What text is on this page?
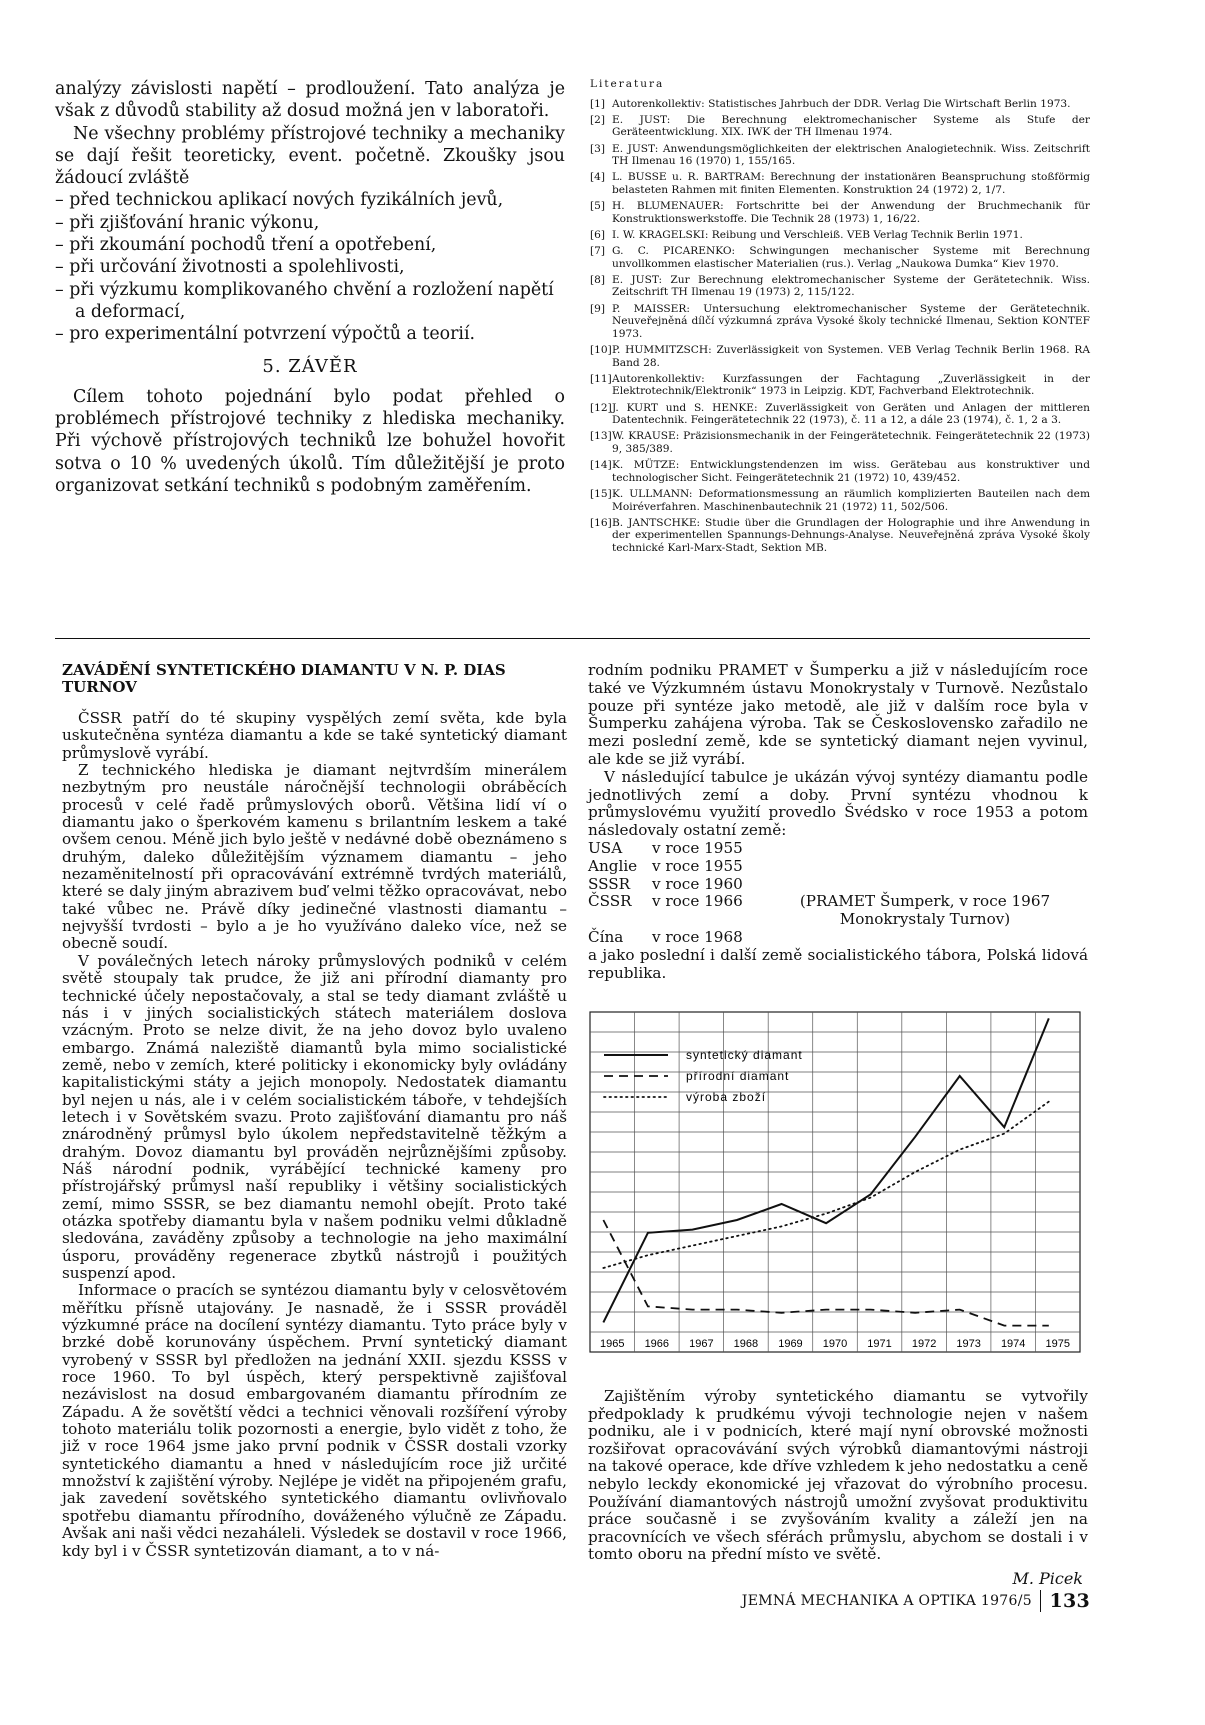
analýzy závislosti napětí – prodloužení. Tato analýza je však z důvodů stability až dosud možná jen v laboratoři.

Ne všechny problémy přístrojové techniky a mechaniky se dají řešit teoreticky, event. početně. Zkoušky jsou žádoucí zvláště

– před technickou aplikací nových fyzikálních jevů,
– při zjišťování hranic výkonu,
– při zkoumání pochodů tření a opotřebení,
– při určování životnosti a spolehlivosti,
– při výzkumu komplikovaného chvění a rozložení napětí a deformací,
– pro experimentální potvrzení výpočtů a teorií.
5. ZÁVĚR

Cílem tohoto pojednání bylo podat přehled o problémech přístrojové techniky z hlediska mechaniky. Při výchově přístrojových techniků lze bohužel hovořit sotva o 10 % uvedených úkolů. Tím důležitější je proto organizovat setkání techniků s podobným zaměřením.

Literatura
[1] Autorenkollektiv: Statistisches Jahrbuch der DDR. Verlag Die Wirtschaft Berlin 1973.
[2] E. JUST: Die Berechnung elektromechanischer Systeme als Stufe der Geräteentwicklung. XIX. IWK der TH Ilmenau 1974.
[3] E. JUST: Anwendungsmöglichkeiten der elektrischen Analogietechnik. Wiss. Zeitschrift TH Ilmenau 16 (1970) 1, 155/165.
[4] L. BUSSE u. R. BARTRAM: Berechnung der instationären Beanspruchung stoßförmig belasteten Rahmen mit finiten Elementen. Konstruktion 24 (1972) 2, 1/7.
[5] H. BLUMENAUER: Fortschritte bei der Anwendung der Bruchmechanik für Konstruktionswerkstoffe. Die Technik 28 (1973) 1, 16/22.
[6] I. W. KRAGELSKI: Reibung und Verschleiß. VEB Verlag Technik Berlin 1971.
[7] G. C. PICARENKO: Schwingungen mechanischer Systeme mit Berechnung unvollkommen elastischer Materialien (rus.). Verlag „Naukowa Dumka“ Kiev 1970.
[8] E. JUST: Zur Berechnung elektromechanischer Systeme der Gerätetechnik. Wiss. Zeitschrift TH Ilmenau 19 (1973) 2, 115/122.
[9] P. MAISSER: Untersuchung elektromechanischer Systeme der Gerätetechnik. Neuveřejněná dílčí výzkumná zpráva Vysoké školy technické Ilmenau, Sektion KONTEF 1973.
[10] P. HUMMITZSCH: Zuverlässigkeit von Systemen. VEB Verlag Technik Berlin 1968. RA Band 28.
[11] Autorenkollektiv: Kurzfassungen der Fachtagung „Zuverlässigkeit in der Elektrotechnik/Elektronik“ 1973 in Leipzig. KDT, Fachverband Elektrotechnik.
[12] J. KURT und S. HENKE: Zuverlässigkeit von Geräten und Anlagen der mittleren Datentechnik. Feingerätetechnik 22 (1973), č. 11 a 12, a dále 23 (1974), č. 1, 2 a 3.
[13] W. KRAUSE: Präzisionsmechanik in der Feingerätetechnik. Feingerätetechnik 22 (1973) 9, 385/389.
[14] K. MÜTZE: Entwicklungstendenzen im wiss. Gerätebau aus konstruktiver und technologischer Sicht. Feingerätetechnik 21 (1972) 10, 439/452.
[15] K. ULLMANN: Deformationsmessung an räumlich komplizierten Bauteilen nach dem Moiréverfahren. Maschinenbautechnik 21 (1972) 11, 502/506.
[16] B. JANTSCHKE: Studie über die Grundlagen der Holographie und ihre Anwendung in der experimentellen Spannungs-Dehnungs-Analyse. Neuveřejněná zpráva Vysoké školy technické Karl-Marx-Stadt, Sektion MB.
ZAVÁDĚNÍ SYNTETICKÉHO DIAMANTU V N. P. DIAS TURNOV

ČSSR patří do té skupiny vyspělých zemí světa, kde byla uskutečněna syntéza diamantu a kde se také syntetický diamant průmyslově vyrábí.

Z technického hlediska je diamant nejtvrdším minerálem nezbytným pro neustále náročnější technologii obráběcích procesů v celé řadě průmyslových oborů. Většina lidí ví o diamantu jako o šperkovém kamenu s brilantním leskem a také ovšem cenou. Méně jich bylo ještě v nedávné době obeznámeno s druhým, daleko důležitějším významem diamantu – jeho nezaměnitelností při opracovávání extrémně tvrdých materiálů, které se daly jiným abrazivem buď velmi těžko opracovávat, nebo také vůbec ne. Právě díky jedinečné vlastnosti diamantu – nejvyšší tvrdosti – bylo a je ho využíváno daleko více, než se obecně soudí.

V poválečných letech nároky průmyslových podniků v celém světě stoupaly tak prudce, že již ani přírodní diamanty pro technické účely nepostačovaly, a stal se tedy diamant zvláště u nás i v jiných socialistických státech materiálem doslova vzácným. Proto se nelze divit, že na jeho dovoz bylo uvaleno embargo. Známá naleziště diamantů byla mimo socialistické země, nebo v zemích, které politicky i ekonomicky byly ovládány kapitalistickými státy a jejich monopoly. Nedostatek diamantu byl nejen u nás, ale i v celém socialistickém táboře, v tehdejších letech i v Sovětském svazu. Proto zajišťování diamantu pro náš znárodněný průmysl bylo úkolem nepředstavitelně těžkým a drahým. Dovoz diamantu byl prováděn nejrůznějšími způsoby. Náš národní podnik, vyrábějící technické kameny pro přístrojářský průmysl naší republiky i většiny socialistických zemí, mimo SSSR, se bez diamantu nemohl obejít. Proto také otázka spotřeby diamantu byla v našem podniku velmi důkladně sledována, zaváděny způsoby a technologie na jeho maximální úsporu, prováděny regenerace zbytků nástrojů i použitých suspenzí apod.

Informace o pracích se syntézou diamantu byly v celosvětovém měřítku přísně utajovány. Je nasnadě, že i SSSR prováděl výzkumné práce na docílení syntézy diamantu. Tyto práce byly v brzké době korunovány úspěchem. První syntetický diamant vyrobený v SSSR byl předložen na jednání XXII. sjezdu KSSS v roce 1960. To byl úspěch, který perspektivně zajišťoval nezávislost na dosud embargovaném diamantu přírodním ze Západu. A že sovětští vědci a technici věnovali rozšíření výroby tohoto materiálu tolik pozornosti a energie, bylo vidět z toho, že již v roce 1964 jsme jako první podnik v ČSSR dostali vzorky syntetického diamantu a hned v následujícím roce již určité množství k zajištění výroby. Nejlépe je vidět na připojeném grafu, jak zavedení sovětského syntetického diamantu ovlivňovalo spotřebu diamantu přírodního, dováženého výlučně ze Západu. Avšak ani naši vědci nezaháleli. Výsledek se dostavil v roce 1966, kdy byl i v ČSSR syntetizován diamant, a to v ná-

rodním podniku PRAMET v Šumperku a již v následujícím roce také ve Výzkumném ústavu Monokrystaly v Turnově. Nezůstalo pouze při syntéze jako metodě, ale již v dalším roce byla v Šumperku zahájena výroba. Tak se Československo zařadilo ne mezi poslední země, kde se syntetický diamant nejen vyvinul, ale kde se již vyrábí.

V následující tabulce je ukázán vývoj syntézy diamantu podle jednotlivých zemí a doby. První syntézu vhodnou k průmyslovému využití provedlo Švédsko v roce 1953 a potom následovaly ostatní země:

USA	v roce 1955
Anglie v roce 1955
SSSR	v roce 1960
ČSSR	v roce 1966	(PRAMET Šumperk, v roce 1967 Monokrystaly Turnov)
Čína	v roce 1968

a jako poslední i další země socialistického tábora, Polská lidová republika.

1965 1966 1967 1968 1969 1970 1971 1972 1973 1974 1975
syntetický diamant
přírodní diamant
výroba zboží

Zajištěním výroby syntetického diamantu se vytvořily předpoklady k prudkému vývoji technologie nejen v našem podniku, ale i v podnicích, které mají nyní obrovské možnosti rozšiřovat opracovávání svých výrobků diamantovými nástroji na takové operace, kde dříve vzhledem k jeho nedostatku a ceně nebylo leckdy ekonomické jej vřazovat do výrobního procesu. Používání diamantových nástrojů umožní zvyšovat produktivitu práce současně i se zvyšováním kvality a záleží jen na pracovnících ve všech sférách průmyslu, abychom se dostali i v tomto oboru na přední místo ve světě.

M. Picek
JEMNÁ MECHANIKA A OPTIKA 1976/5 133
